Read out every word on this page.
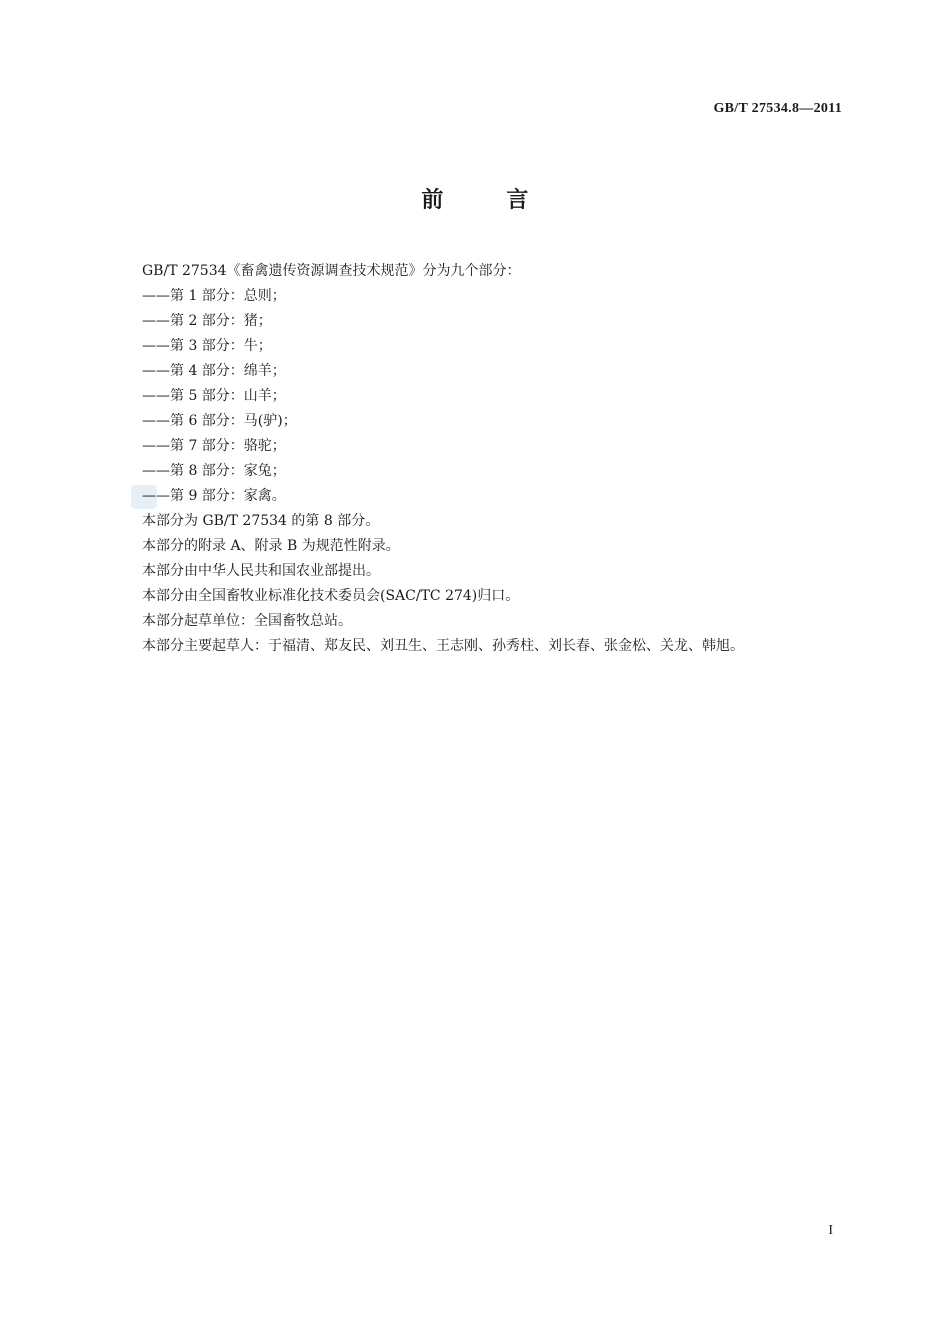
GB/T 27534.8—2011
前        言
GB/T 27534《畜禽遗传资源调查技术规范》分为九个部分：
——第 1 部分：总则；
——第 2 部分：猪；
——第 3 部分：牛；
——第 4 部分：绵羊；
——第 5 部分：山羊；
——第 6 部分：马(驴)；
——第 7 部分：骆驼；
——第 8 部分：家兔；
——第 9 部分：家禽。
本部分为 GB/T 27534 的第 8 部分。
本部分的附录 A、附录 B 为规范性附录。
本部分由中华人民共和国农业部提出。
本部分由全国畜牧业标准化技术委员会(SAC/TC 274)归口。
本部分起草单位：全国畜牧总站。
本部分主要起草人：于福清、郑友民、刘丑生、王志刚、孙秀柱、刘长春、张金松、关龙、韩旭。
I
